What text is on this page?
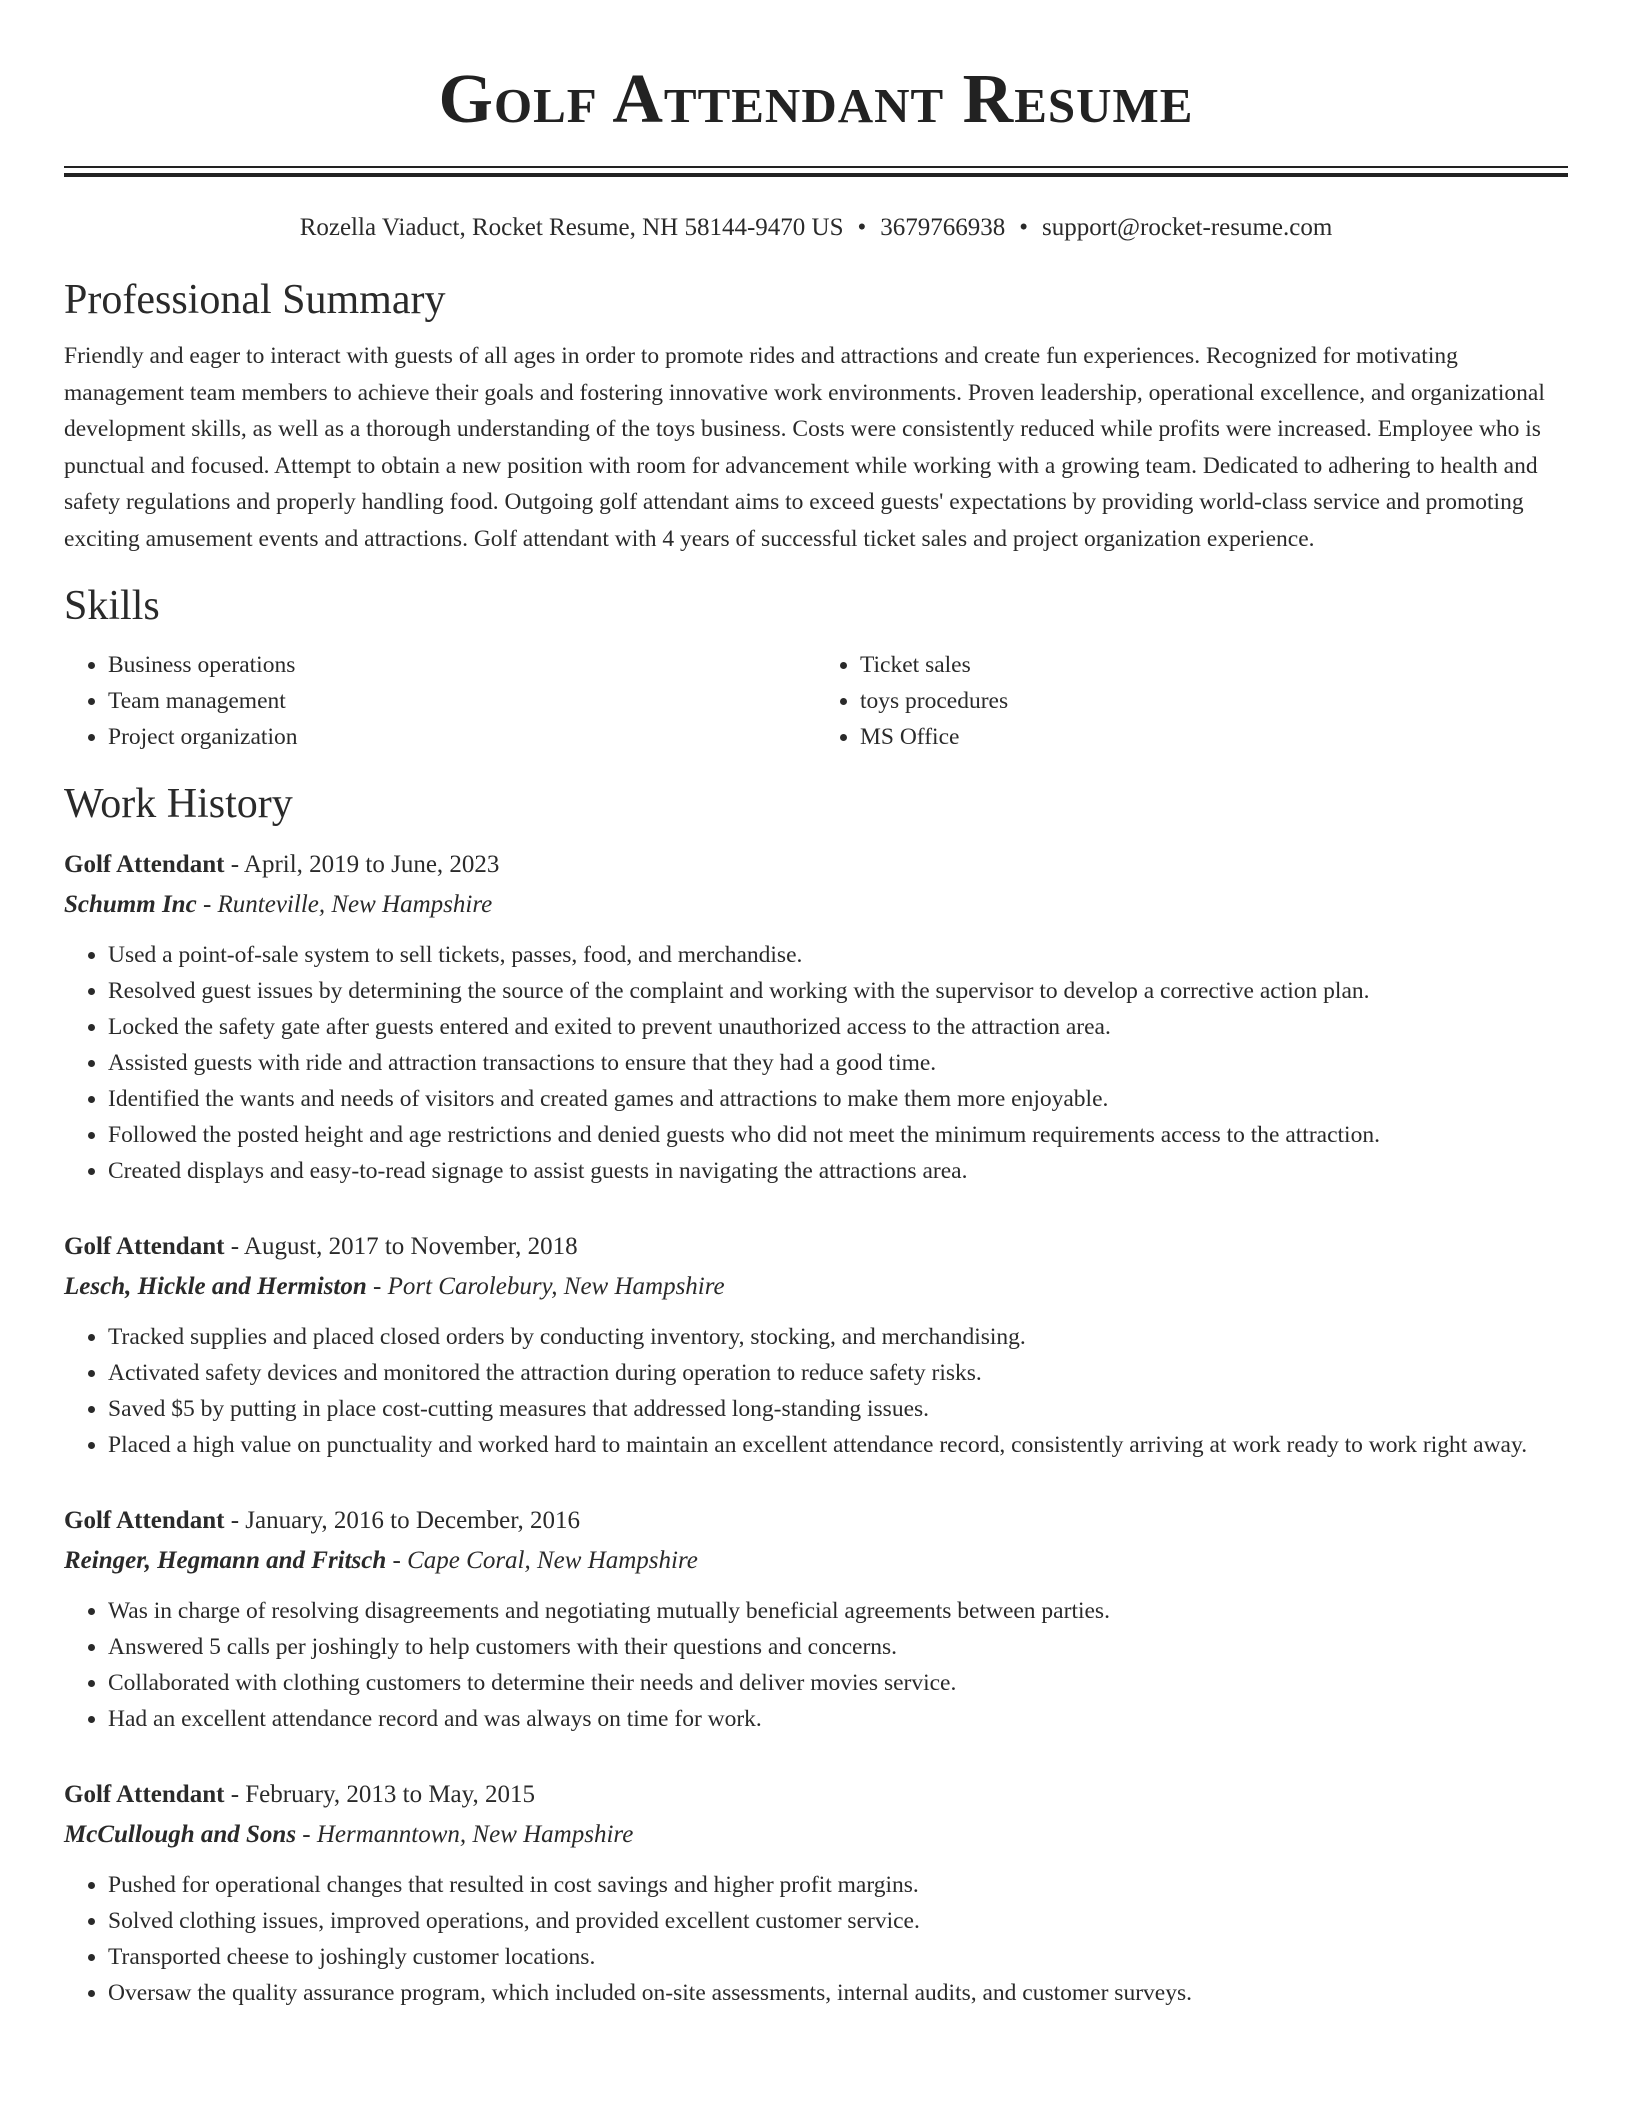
Golf Attendant Resume
Rozella Viaduct, Rocket Resume, NH 58144-9470 US • 3679766938 • support@rocket-resume.com
Professional Summary

Friendly and eager to interact with guests of all ages in order to promote rides and attractions and create fun experiences. Recognized for motivating management team members to achieve their goals and fostering innovative work environments. Proven leadership, operational excellence, and organizational development skills, as well as a thorough understanding of the toys business. Costs were consistently reduced while profits were increased. Employee who is punctual and focused. Attempt to obtain a new position with room for advancement while working with a growing team. Dedicated to adhering to health and safety regulations and properly handling food. Outgoing golf attendant aims to exceed guests' expectations by providing world-class service and promoting exciting amusement events and attractions. Golf attendant with 4 years of successful ticket sales and project organization experience.

Skills
• Business operations
• Team management
• Project organization
• Ticket sales
• toys procedures
• MS Office
Work History
Golf Attendant - April, 2019 to June, 2023
Schumm Inc - Runteville, New Hampshire
• Used a point-of-sale system to sell tickets, passes, food, and merchandise.
• Resolved guest issues by determining the source of the complaint and working with the supervisor to develop a corrective action plan.
• Locked the safety gate after guests entered and exited to prevent unauthorized access to the attraction area.
• Assisted guests with ride and attraction transactions to ensure that they had a good time.
• Identified the wants and needs of visitors and created games and attractions to make them more enjoyable.
• Followed the posted height and age restrictions and denied guests who did not meet the minimum requirements access to the attraction.
• Created displays and easy-to-read signage to assist guests in navigating the attractions area.
Golf Attendant - August, 2017 to November, 2018
Lesch, Hickle and Hermiston - Port Carolebury, New Hampshire
• Tracked supplies and placed closed orders by conducting inventory, stocking, and merchandising.
• Activated safety devices and monitored the attraction during operation to reduce safety risks.
• Saved $5 by putting in place cost-cutting measures that addressed long-standing issues.
• Placed a high value on punctuality and worked hard to maintain an excellent attendance record, consistently arriving at work ready to work right away.
Golf Attendant - January, 2016 to December, 2016
Reinger, Hegmann and Fritsch - Cape Coral, New Hampshire
• Was in charge of resolving disagreements and negotiating mutually beneficial agreements between parties.
• Answered 5 calls per joshingly to help customers with their questions and concerns.
• Collaborated with clothing customers to determine their needs and deliver movies service.
• Had an excellent attendance record and was always on time for work.
Golf Attendant - February, 2013 to May, 2015
McCullough and Sons - Hermanntown, New Hampshire
• Pushed for operational changes that resulted in cost savings and higher profit margins.
• Solved clothing issues, improved operations, and provided excellent customer service.
• Transported cheese to joshingly customer locations.
• Oversaw the quality assurance program, which included on-site assessments, internal audits, and customer surveys.
